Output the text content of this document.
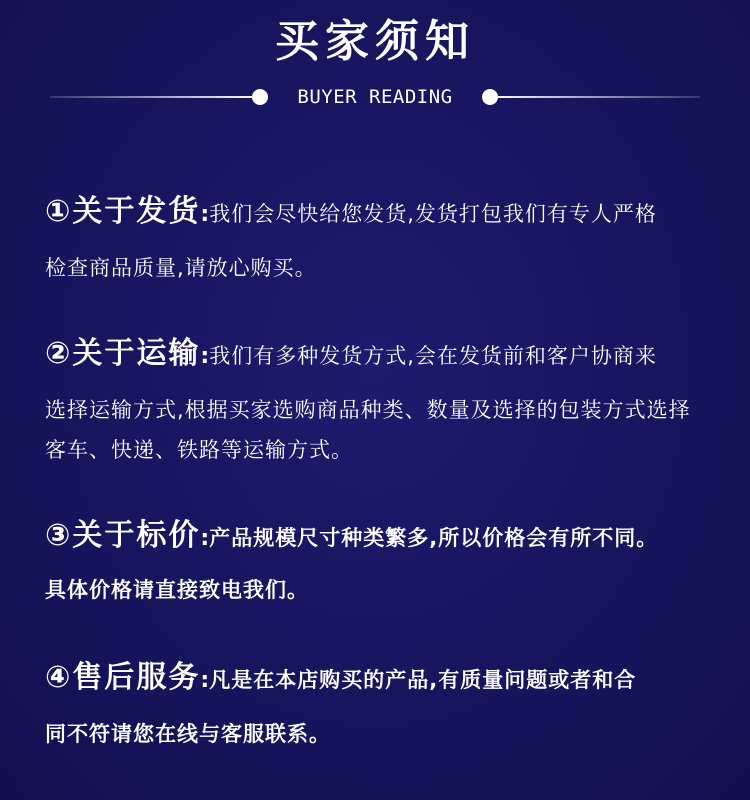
买家须知
BUYER READING
①关于发货:我们会尽快给您发货,发货打包我们有专人严格
检查商品质量,请放心购买。
②关于运输:我们有多种发货方式,会在发货前和客户协商来
选择运输方式,根据买家选购商品种类、数量及选择的包装方式选择
客车、快递、铁路等运输方式。
③关于标价:产品规模尺寸种类繁多,所以价格会有所不同。
具体价格请直接致电我们。
④售后服务:凡是在本店购买的产品,有质量问题或者和合
同不符请您在线与客服联系。
